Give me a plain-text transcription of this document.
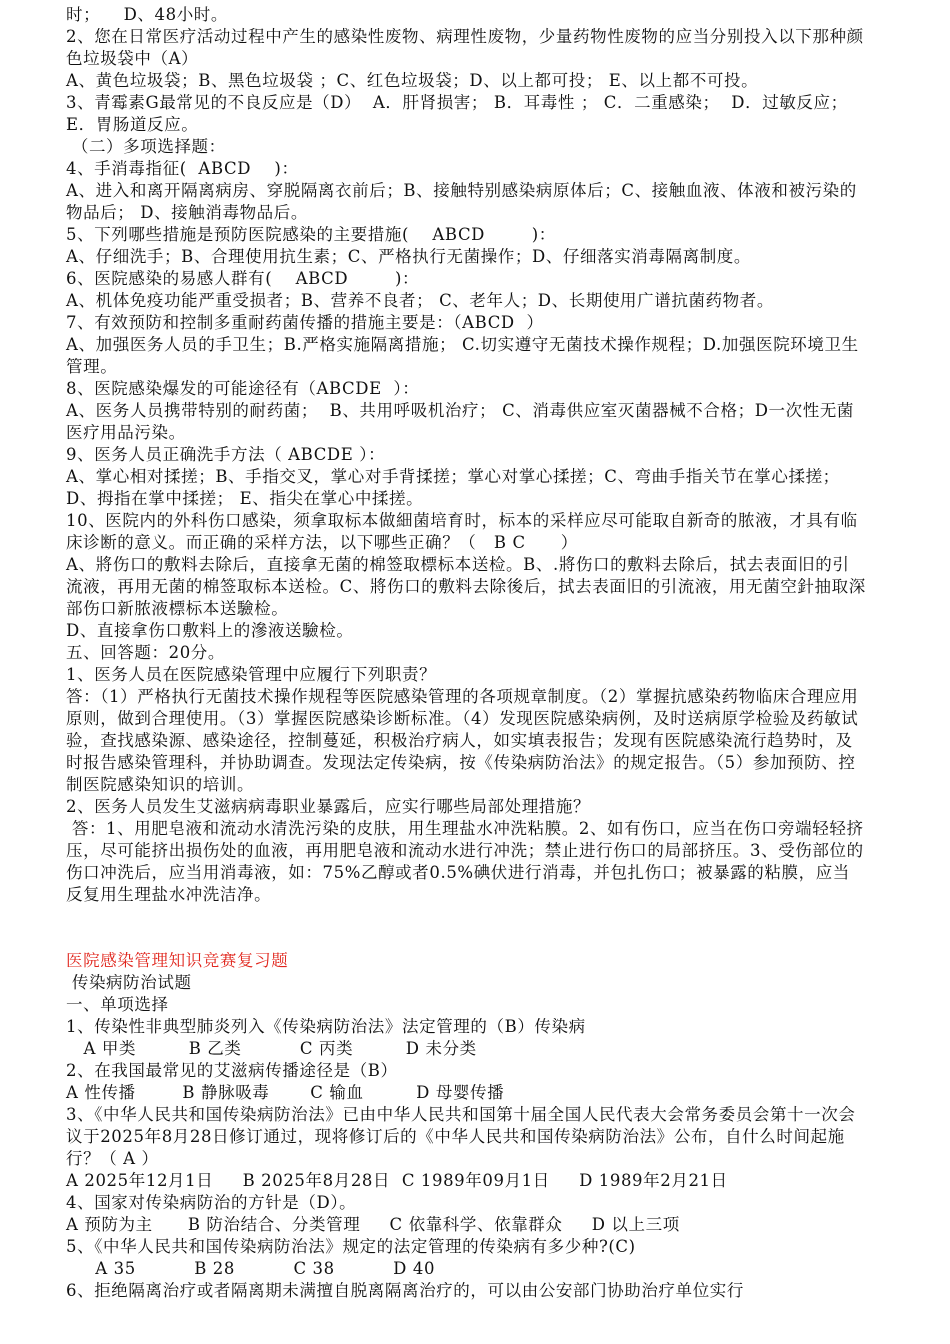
时；    D、48小时。

2、您在日常医疗活动过程中产生的感染性废物、病理性废物，少量药物性废物的应当分别投入以下那种颜色垃圾袋中（A）

A、黄色垃圾袋；B、黑色垃圾袋 ；C、红色垃圾袋；D、以上都可投； E、以上都不可投。

3、青霉素G最常见的不良反应是（D）  A．肝肾损害； B．耳毒性 ； C．二重感染；  D．过敏反应； E．胃肠道反应。

（二）多项选择题：

4、手消毒指征(  ABCD    )：

A、进入和离开隔离病房、穿脱隔离衣前后；B、接触特别感染病原体后；C、接触血液、体液和被污染的物品后； D、接触消毒物品后。

5、下列哪些措施是预防医院感染的主要措施(    ABCD        )：

A、仔细洗手；B、合理使用抗生素；C、严格执行无菌操作；D、仔细落实消毒隔离制度。

6、医院感染的易感人群有(    ABCD        )：

A、机体免疫功能严重受损者；B、营养不良者； C、老年人；D、长期使用广谱抗菌药物者。

7、有效预防和控制多重耐药菌传播的措施主要是：（ABCD  ）

A、加强医务人员的手卫生；B.严格实施隔离措施； C.切实遵守无菌技术操作规程；D.加强医院环境卫生管理。

8、医院感染爆发的可能途径有（ABCDE  ）：

A、医务人员携带特别的耐药菌；  B、共用呼吸机治疗； C、消毒供应室灭菌器械不合格；D一次性无菌医疗用品污染。

9、医务人员正确洗手方法（ ABCDE ）：

A、掌心相对揉搓；B、手指交叉，掌心对手背揉搓；掌心对掌心揉搓；C、弯曲手指关节在掌心揉搓；D、拇指在掌中揉搓； E、指尖在掌心中揉搓。

10、医院内的外科伤口感染，须拿取标本做細菌培育时，标本的采样应尽可能取自新奇的脓液，才具有临床诊断的意义。而正确的采样方法，以下哪些正确？（   B C      ）

A、將伤口的敷料去除后，直接拿无菌的棉签取標标本送检。B、.將伤口的敷料去除后，拭去表面旧的引流液，再用无菌的棉签取标本送检。C、將伤口的敷料去除後后，拭去表面旧的引流液，用无菌空針抽取深部伤口新脓液標标本送驗检。

D、直接拿伤口敷料上的滲液送驗检。

五、回答题：20分。

1、医务人员在医院感染管理中应履行下列职责？

答：（1）严格执行无菌技术操作规程等医院感染管理的各项规章制度。（2）掌握抗感染药物临床合理应用原则，做到合理使用。（3）掌握医院感染诊断标准。（4）发现医院感染病例，及时送病原学检验及药敏试验，查找感染源、感染途径，控制蔓延，积极治疗病人，如实填表报告；发现有医院感染流行趋势时，及时报告感染管理科，并协助调查。发现法定传染病，按《传染病防治法》的规定报告。（5）参加预防、控制医院感染知识的培训。

2、医务人员发生艾滋病病毒职业暴露后，应实行哪些局部处理措施？

答：1、用肥皂液和流动水清洗污染的皮肤，用生理盐水冲洗粘膜。2、如有伤口，应当在伤口旁端轻轻挤压，尽可能挤出损伤处的血液，再用肥皂液和流动水进行冲洗；禁止进行伤口的局部挤压。3、受伤部位的伤口冲洗后，应当用消毒液，如：75%乙醇或者0.5%碘伏进行消毒，并包扎伤口；被暴露的粘膜，应当反复用生理盐水冲洗洁净。

医院感染管理知识竞赛复习题

传染病防治试题

一、单项选择

1、传染性非典型肺炎列入《传染病防治法》法定管理的（B）传染病

A 甲类         B 乙类          C 丙类         D 未分类

2、在我国最常见的艾滋病传播途径是（B）

A 性传播        B 静脉吸毒       C 输血         D 母婴传播

3、《中华人民共和国传染病防治法》已由中华人民共和国第十届全国人民代表大会常务委员会第十一次会议于2025年8月28日修订通过，现将修订后的《中华人民共和国传染病防治法》公布，自什么时间起施行？（ A ）

A 2025年12月1日     B 2025年8月28日  C 1989年09月1日     D 1989年2月21日

4、国家对传染病防治的方针是（D）。

A 预防为主      B 防治结合、分类管理     C 依靠科学、依靠群众     D 以上三项

5、《中华人民共和国传染病防治法》规定的法定管理的传染病有多少种?(C)

A 35          B 28          C 38          D 40

6、拒绝隔离治疗或者隔离期未满擅自脱离隔离治疗的，可以由公安部门协助治疗单位实行
